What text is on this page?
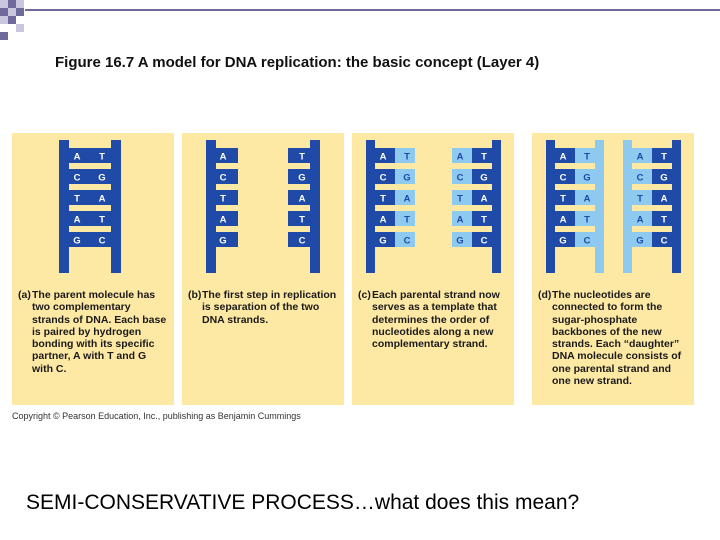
Figure 16.7 A model for DNA replication: the basic concept (Layer 4)
A T
C G
T A
A T
G C
(a) The parent molecule has two complementary strands of DNA. Each base is paired by hydrogen bonding with its specific partner, A with T and G with C.
A
C
T
A
G
T
G
A
T
C
(b) The first step in replication is separation of the two DNA strands.
A T
C G
T A
A T
G C
A T
C G
T A
A T
G C
(c) Each parental strand now serves as a template that determines the order of nucleotides along a new complementary strand.
A T
C G
T A
A T
G C
A T
C G
T A
A T
G C
(d) The nucleotides are connected to form the sugar-phosphate backbones of the new strands. Each “daughter” DNA molecule consists of one parental strand and one new strand.
Copyright © Pearson Education, Inc., publishing as Benjamin Cummings
SEMI-CONSERVATIVE PROCESS…what does this mean?
